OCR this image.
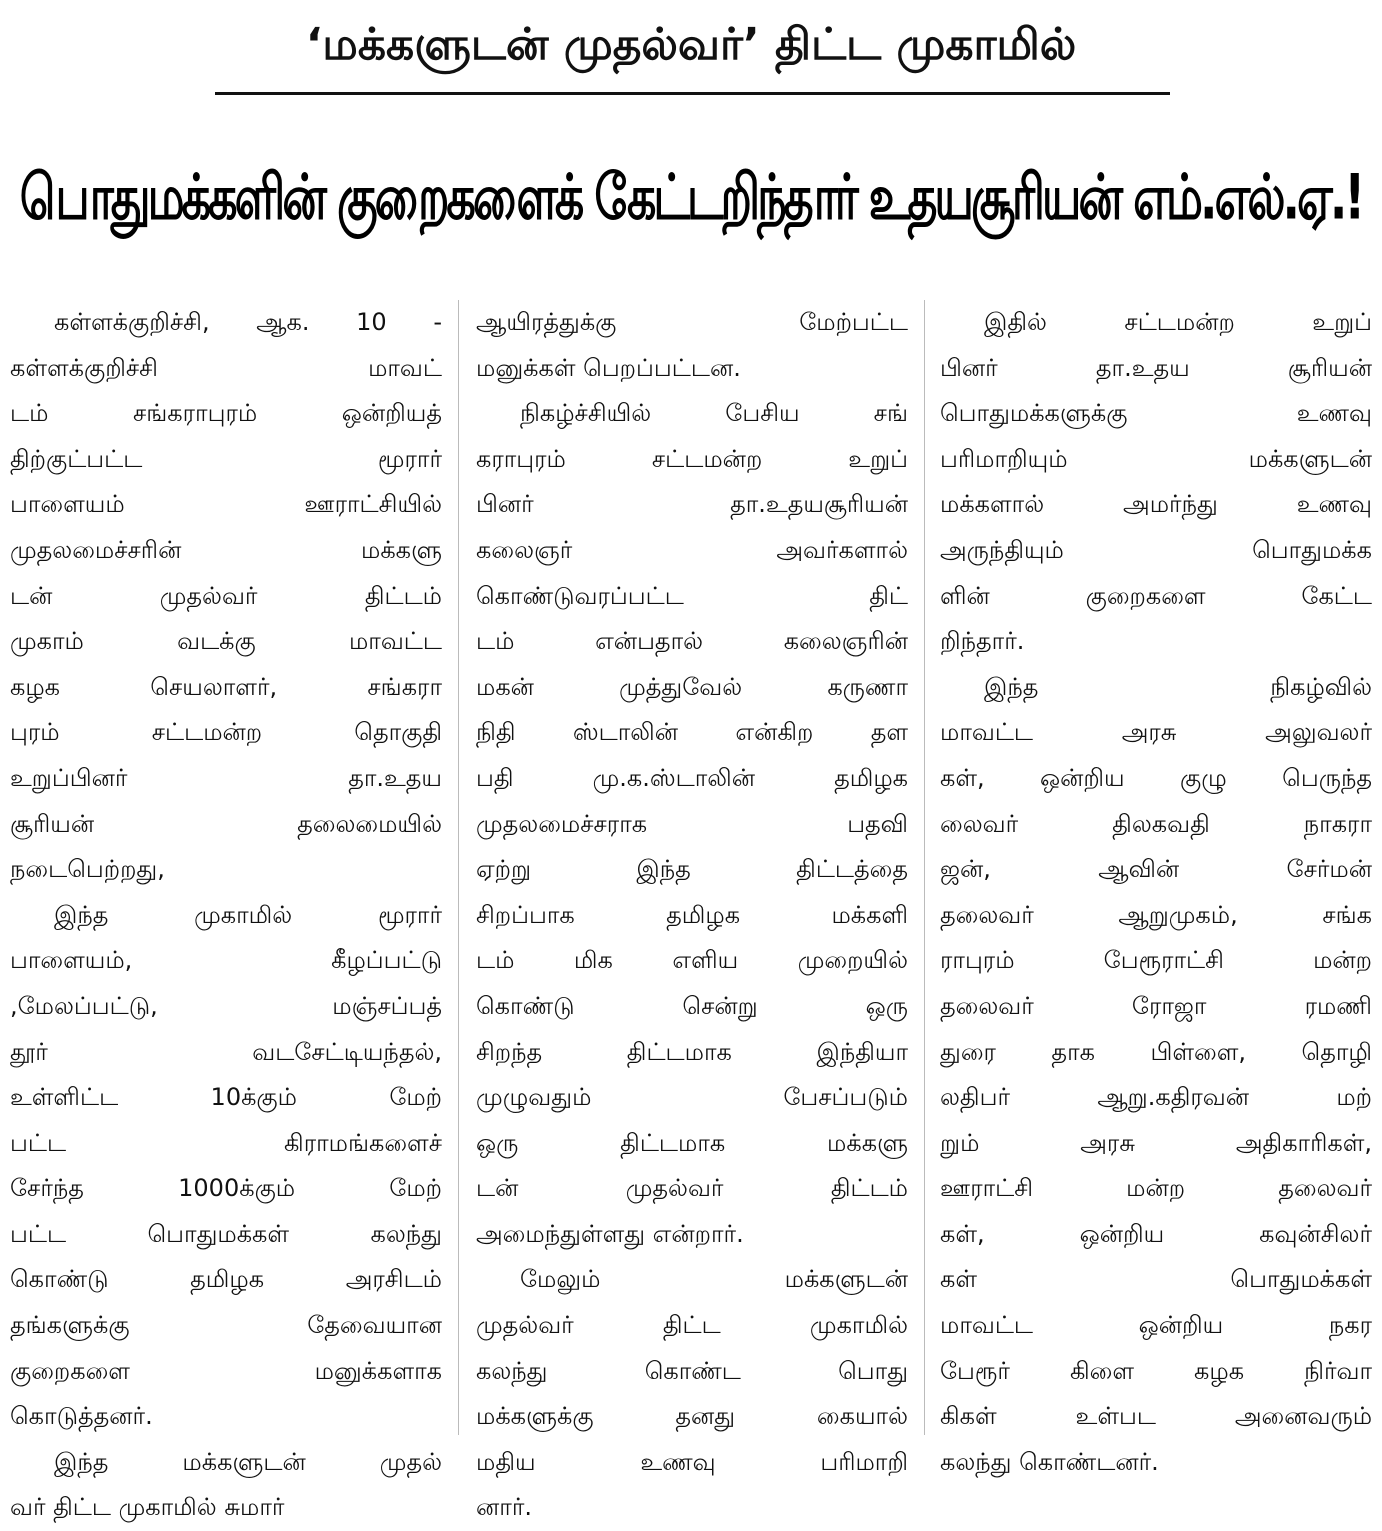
‘மக்களுடன் முதல்வர்’ திட்ட முகாமில்
பொதுமக்களின் குறைகளைக் கேட்டறிந்தார் உதயசூரியன் எம்.எல்.ஏ.!
கள்ளக்குறிச்சி, ஆக. 10 -
கள்ளக்குறிச்சி மாவட்
டம் சங்கராபுரம் ஒன்றியத்
திற்குட்பட்ட மூரார்
பாளையம் ஊராட்சியில்
முதலமைச்சரின் மக்களு
டன் முதல்வர் திட்டம்
முகாம் வடக்கு மாவட்ட
கழக செயலாளர், சங்கரா
புரம் சட்டமன்ற தொகுதி
உறுப்பினர் தா.உதய
சூரியன் தலைமையில்
நடைபெற்றது,
இந்த முகாமில் மூரார்
பாளையம், கீழப்பட்டு
,மேலப்பட்டு, மஞ்சப்பத்
தூர் வடசேட்டியந்தல்,
உள்ளிட்ட 10க்கும் மேற்
பட்ட கிராமங்களைச்
சேர்ந்த 1000க்கும் மேற்
பட்ட பொதுமக்கள் கலந்து
கொண்டு தமிழக அரசிடம்
தங்களுக்கு தேவையான
குறைகளை மனுக்களாக
கொடுத்தனர்.
இந்த மக்களுடன் முதல்
வர் திட்ட முகாமில் சுமார்
ஆயிரத்துக்கு மேற்பட்ட
மனுக்கள் பெறப்பட்டன.
நிகழ்ச்சியில் பேசிய சங்
கராபுரம் சட்டமன்ற உறுப்
பினர் தா.உதயசூரியன்
கலைஞர் அவர்களால்
கொண்டுவரப்பட்ட திட்
டம் என்பதால் கலைஞரின்
மகன் முத்துவேல் கருணா
நிதி ஸ்டாலின் என்கிற தள
பதி மு.க.ஸ்டாலின் தமிழக
முதலமைச்சராக பதவி
ஏற்று இந்த திட்டத்தை
சிறப்பாக தமிழக மக்களி
டம் மிக எளிய முறையில்
கொண்டு சென்று ஒரு
சிறந்த திட்டமாக இந்தியா
முழுவதும் பேசப்படும்
ஒரு திட்டமாக மக்களு
டன் முதல்வர் திட்டம்
அமைந்துள்ளது என்றார்.
மேலும் மக்களுடன்
முதல்வர் திட்ட முகாமில்
கலந்து கொண்ட பொது
மக்களுக்கு தனது கையால்
மதிய உணவு பரிமாறி
னார்.
இதில் சட்டமன்ற உறுப்
பினர் தா.உதய சூரியன்
பொதுமக்களுக்கு உணவு
பரிமாறியும் மக்களுடன்
மக்களால் அமர்ந்து உணவு
அருந்தியும் பொதுமக்க
ளின் குறைகளை கேட்ட
றிந்தார்.
இந்த நிகழ்வில்
மாவட்ட அரசு அலுவலர்
கள், ஒன்றிய குழு பெருந்த
லைவர் திலகவதி நாகரா
ஜன், ஆவின் சேர்மன்
தலைவர் ஆறுமுகம், சங்க
ராபுரம் பேரூராட்சி மன்ற
தலைவர் ரோஜா ரமணி
துரை தாக பிள்ளை, தொழி
லதிபர் ஆறு.கதிரவன் மற்
றும் அரசு அதிகாரிகள்,
ஊராட்சி மன்ற தலைவர்
கள், ஒன்றிய கவுன்சிலர்
கள் பொதுமக்கள்
மாவட்ட ஒன்றிய நகர
பேரூர் கிளை கழக நிர்வா
கிகள் உள்பட அனைவரும்
கலந்து கொண்டனர்.
